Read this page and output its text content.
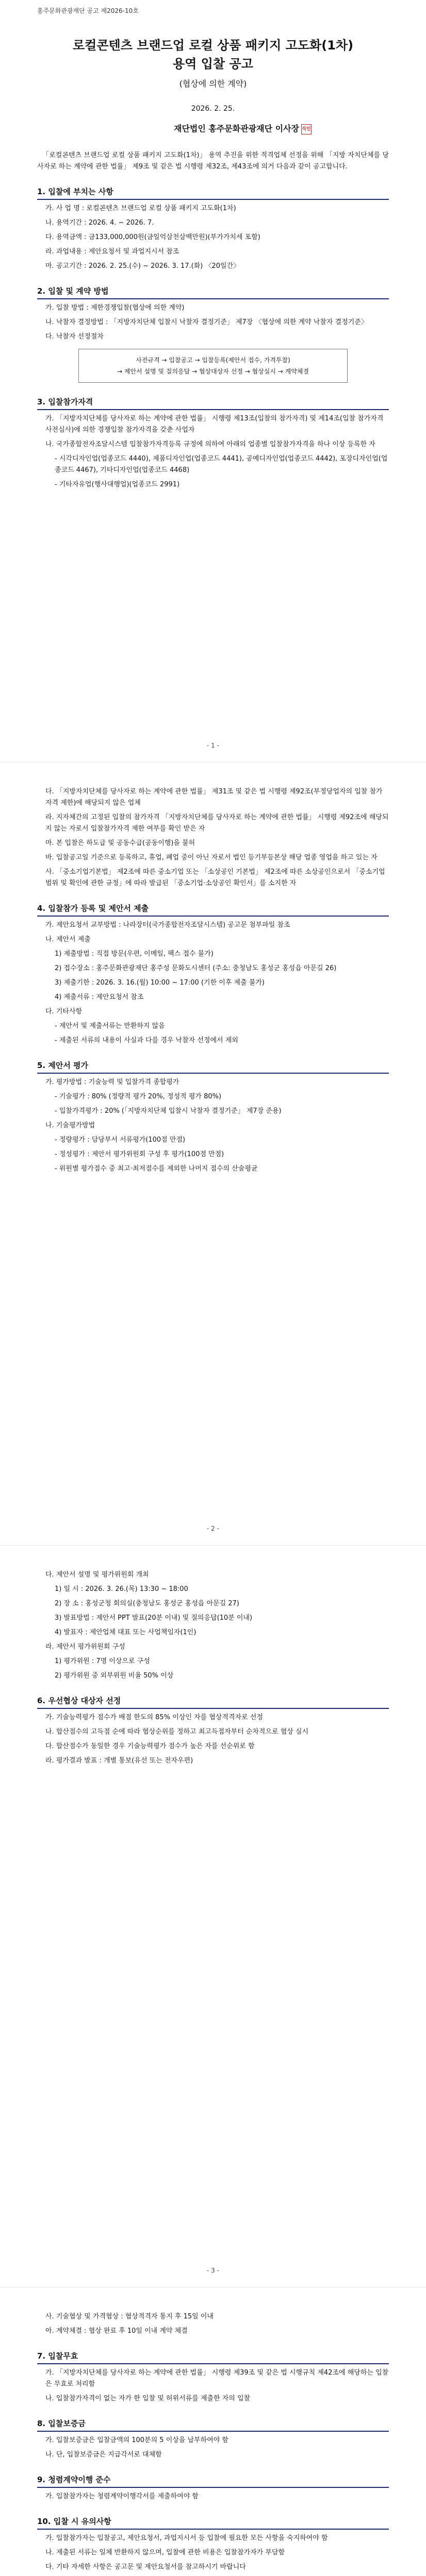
홍주문화관광재단 공고 제2026-10호
로컬콘텐츠 브랜드업 로컬 상품 패키지 고도화(1차)
용역 입찰 공고
(협상에 의한 계약)
2026. 2. 25.
재단법인 홍주문화관광재단 이사장 직인
「로컬콘텐츠 브랜드업 로컬 상품 패키지 고도화(1차)」 용역 추진을 위한 적격업체 선정을 위해 「지방 자치단체를 당사자로 하는 계약에 관한 법률」 제9조 및 같은 법 시행령 제32조, 제43조에 의거 다음과 같이 공고합니다.
1. 입찰에 부치는 사항
가. 사 업 명 : 로컬콘텐츠 브랜드업 로컬 상품 패키지 고도화(1차)
나. 용역기간 : 2026. 4. ~ 2026. 7.
다. 용역금액 : 금133,000,000원(금일억삼천삼백만원)(부가가치세 포함)
라. 과업내용 : 제안요청서 및 과업지시서 참조
마. 공고기간 : 2026. 2. 25.(수) ~ 2026. 3. 17.(화) 〈20일간〉
2. 입찰 및 계약 방법
가. 입찰 방법 : 제한경쟁입찰(협상에 의한 계약)
나. 낙찰자 결정방법 : 「지방자치단체 입찰시 낙찰자 결정기준」 제7장 〈협상에 의한 계약 낙찰자 결정기준〉
다. 낙찰자 선정절차
사전규격 → 입찰공고 → 입찰등록(제안서 접수, 가격투찰)
→ 제안서 설명 및 질의응답 → 협상대상자 선정 → 협상실시 → 계약체결
3. 입찰참가자격
가. 「지방자치단체를 당사자로 하는 계약에 관한 법률」 시행령 제13조(입찰의 참가자격) 및 제14조(입찰 참가자격 사전심사)에 의한 경쟁입찰 참가자격을 갖춘 사업자
나. 국가종합전자조달시스템 입찰참가자격등록 규정에 의하여 아래의 업종별 입찰참가자격을 하나 이상 등록한 자
- 시각디자인업(업종코드 4440), 제품디자인업(업종코드 4441), 공예디자인업(업종코드 4442), 포장디자인업(업종코드 4467), 기타디자인업(업종코드 4468)
- 기타자유업(행사대행업)(업종코드 2991)
- 1 -
다. 「지방자치단체를 당사자로 하는 계약에 관한 법률」 제31조 및 같은 법 시행령 제92조(부정당업자의 입찰 참가자격 제한)에 해당되지 않은 업체
라. 지자체간의 고정된 입찰의 참가자격 「지방자치단체를 당사자로 하는 계약에 관한 법률」 시행령 제92조에 해당되지 않는 자로서 입찰참가자격 제한 여부를 확인 받은 자
마. 본 입찰은 하도급 및 공동수급(공동이행)을 불허
바. 입찰공고일 기준으로 등록하고, 휴업, 폐업 중이 아닌 자로서 법인 등기부등본상 해당 업종 영업을 하고 있는 자
사. 「중소기업기본법」 제2조에 따른 중소기업 또는 「소상공인 기본법」 제2조에 따른 소상공인으로서 「중소기업 범위 및 확인에 관한 규정」에 따라 발급된 「중소기업·소상공인 확인서」를 소지한 자
4. 입찰참가 등록 및 제안서 제출
가. 제안요청서 교부방법 : 나라장터(국가종합전자조달시스템) 공고문 첨부파일 참조
나. 제안서 제출
1) 제출방법 : 직접 방문(우편, 이메일, 팩스 접수 불가)
2) 접수장소 : 홍주문화관광재단 홍주성 문화도시센터 (주소: 충청남도 홍성군 홍성읍 아문길 26)
3) 제출기한 : 2026. 3. 16.(월) 10:00 ~ 17:00 (기한 이후 제출 불가)
4) 제출서류 : 제안요청서 참조
다. 기타사항
- 제안서 및 제출서류는 반환하지 않음
- 제출된 서류의 내용이 사실과 다를 경우 낙찰자 선정에서 제외
5. 제안서 평가
가. 평가방법 : 기술능력 및 입찰가격 종합평가
- 기술평가 : 80% (정량적 평가 20%, 정성적 평가 80%)
- 입찰가격평가 : 20% (「지방자치단체 입찰시 낙찰자 결정기준」 제7장 준용)
나. 기술평가방법
- 정량평가 : 담당부서 서류평가(100점 만점)
- 정성평가 : 제안서 평가위원회 구성 후 평가(100점 만점)
- 위원별 평가점수 중 최고·최저점수를 제외한 나머지 점수의 산술평균
- 2 -
다. 제안서 설명 및 평가위원회 개최
1) 일 시 : 2026. 3. 26.(목) 13:30 ~ 18:00
2) 장 소 : 홍성군청 회의실(충청남도 홍성군 홍성읍 아문길 27)
3) 발표방법 : 제안서 PPT 발표(20분 이내) 및 질의응답(10분 이내)
4) 발표자 : 제안업체 대표 또는 사업책임자(1인)
라. 제안서 평가위원회 구성
1) 평가위원 : 7명 이상으로 구성
2) 평가위원 중 외부위원 비율 50% 이상
6. 우선협상 대상자 선정
가. 기술능력평가 점수가 배점 한도의 85% 이상인 자를 협상적격자로 선정
나. 합산점수의 고득점 순에 따라 협상순위를 정하고 최고득점자부터 순차적으로 협상 실시
다. 합산점수가 동일한 경우 기술능력평가 점수가 높은 자를 선순위로 함
라. 평가결과 발표 : 개별 통보(유선 또는 전자우편)
- 3 -
사. 기술협상 및 가격협상 : 협상적격자 통지 후 15일 이내
아. 계약체결 : 협상 완료 후 10일 이내 계약 체결
7. 입찰무효
가. 「지방자치단체를 당사자로 하는 계약에 관한 법률」 시행령 제39조 및 같은 법 시행규칙 제42조에 해당하는 입찰은 무효로 처리함
나. 입찰참가자격이 없는 자가 한 입찰 및 허위서류를 제출한 자의 입찰
8. 입찰보증금
가. 입찰보증금은 입찰금액의 100분의 5 이상을 납부하여야 함
나. 단, 입찰보증금은 지급각서로 대체함
9. 청렴계약이행 준수
가. 입찰참가자는 청렴계약이행각서를 제출하여야 함
10. 입찰 시 유의사항
가. 입찰참가자는 입찰공고, 제안요청서, 과업지시서 등 입찰에 필요한 모든 사항을 숙지하여야 함
나. 제출된 서류는 일체 반환하지 않으며, 입찰에 관한 비용은 입찰참가자가 부담함
다. 기타 자세한 사항은 공고문 및 제안요청서를 참고하시기 바랍니다
